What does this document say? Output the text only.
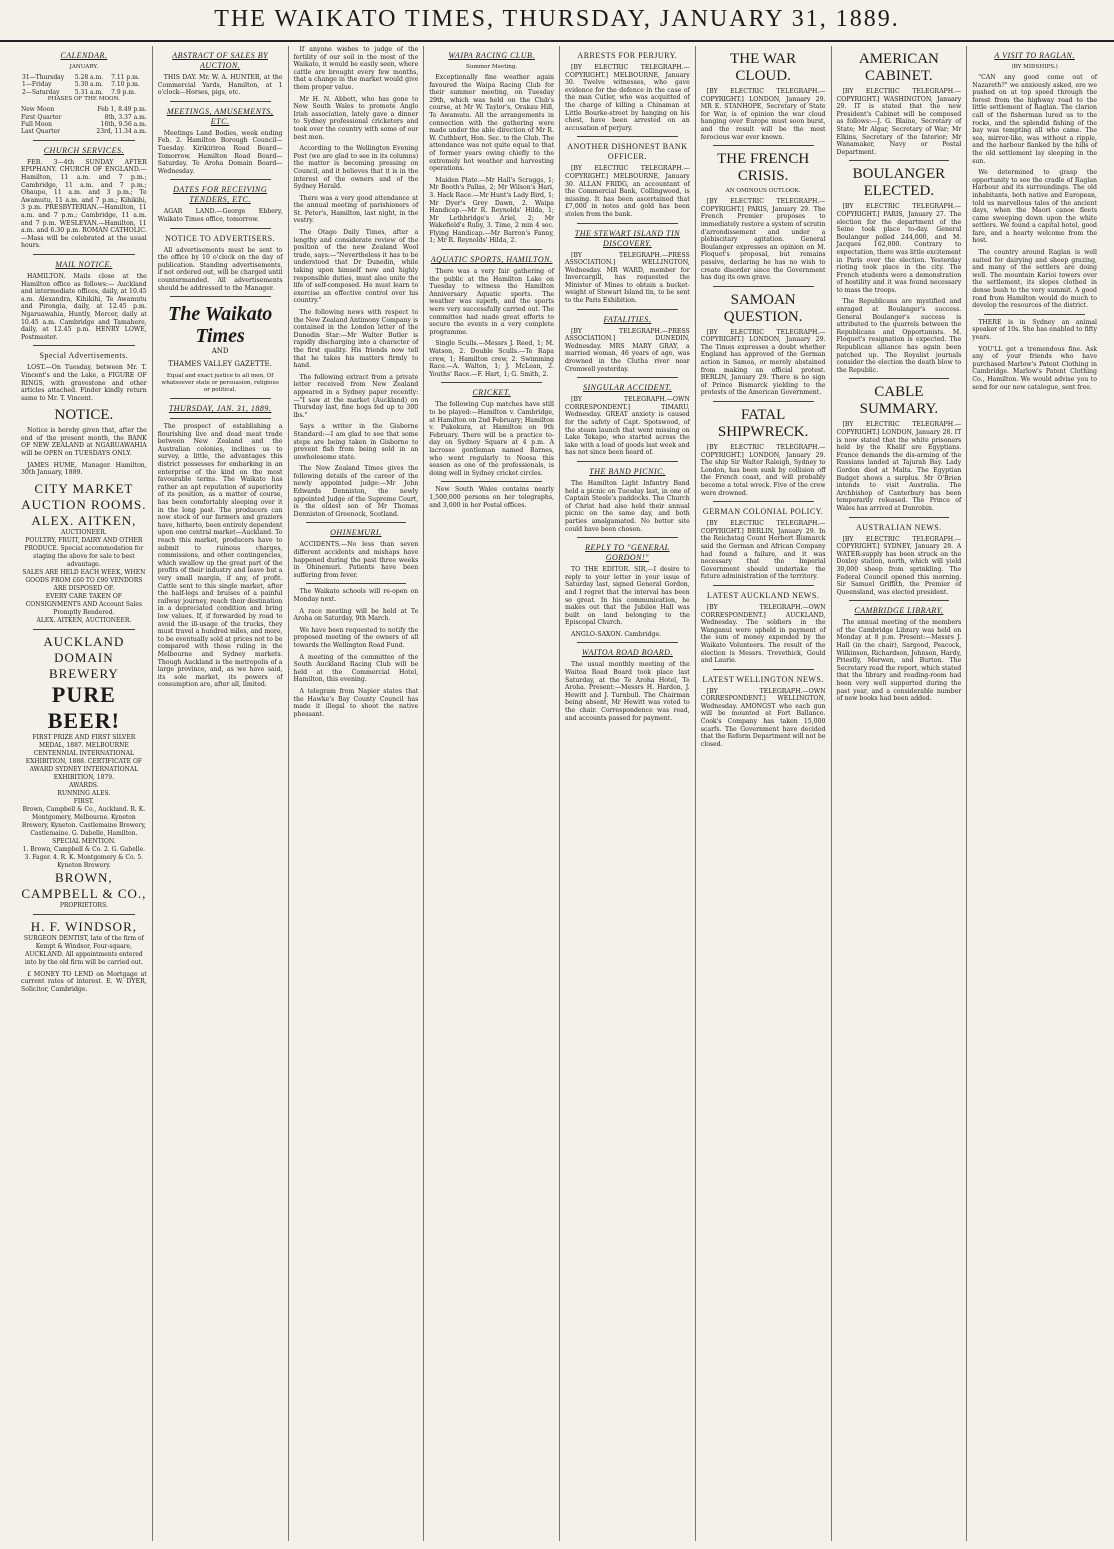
THE WAIKATO TIMES, THURSDAY, JANUARY 31, 1889.
CALENDAR.
JANUARY.
31—Thursday	5.28 a.m.	7.11 p.m.
1—Friday	5.30 a.m.	7.10 p.m.
2—Saturday	5.31 a.m.	7.9 p.m.
PHASES OF THE MOON.
New Moon	Feb 1, 8.49 p.m.
First Quarter	8th, 3.37 a.m.
Full Moon	16th, 9.56 a.m.
Last Quarter	23rd, 11.34 a.m.
CHURCH SERVICES.

FEB. 3—4th SUNDAY AFTER EPIPHANY. CHURCH OF ENGLAND.—Hamilton, 11 a.m. and 7 p.m.; Cambridge, 11 a.m. and 7 p.m.; Ohaupo, 11 a.m. and 3 p.m.; Te Awamutu, 11 a.m. and 7 p.m.; Kihikihi, 3 p.m. PRESBYTERIAN.—Hamilton, 11 a.m. and 7 p.m.; Cambridge, 11 a.m. and 7 p.m. WESLEYAN.—Hamilton, 11 a.m. and 6.30 p.m. ROMAN CATHOLIC.—Mass will be celebrated at the usual hours.

MAIL NOTICE.

HAMILTON. Mails close at the Hamilton office as follows:— Auckland and intermediate offices, daily, at 10.45 a.m. Alexandra, Kihikihi, Te Awamutu and Pirongia, daily, at 12.45 p.m. Ngaruawahia, Huntly, Mercer, daily at 10.45 a.m. Cambridge and Tamahere, daily, at 12.45 p.m. HENRY LOWE, Postmaster.

Special Advertisements.

LOST.—On Tuesday, between Mr. T. Vincent's and the Lake, a FIGURE OF RINGS, with gravestone and other articles attached. Finder kindly return same to Mr. T. Vincent.

NOTICE.

Notice is hereby given that, after the end of the present month, the BANK OF NEW ZEALAND at NGARUAWAHIA will be OPEN on TUESDAYS ONLY.

JAMES HUME, Manager. Hamilton, 30th January, 1889.

CITY MARKET AUCTION ROOMS.
ALEX. AITKEN,
AUCTIONEER.
POULTRY, FRUIT, DAIRY AND OTHER PRODUCE. Special accommodation for staging the above for sale to best advantage.
SALES ARE HELD EACH WEEK, WHEN GOODS FROM £60 TO £90 VENDORS ARE DISPOSED OF.
EVERY CARE TAKEN OF CONSIGNMENTS AND Account Sales Promptly Rendered.
ALEX. AITKEN, AUCTIONEER.
AUCKLAND DOMAIN BREWERY
PURE BEER!
FIRST PRIZE AND FIRST SILVER MEDAL, 1887. MELBOURNE CENTENNIAL INTERNATIONAL EXHIBITION, 1888. CERTIFICATE OF AWARD SYDNEY INTERNATIONAL EXHIBITION, 1879.
AWARDS.
RUNNING ALES.
FIRST.
Brown, Campbell & Co., Auckland. R. K. Montgomery, Melbourne. Kyneton Brewery, Kyneton. Castlemaine Brewery, Castlemaine. G. Dabelle, Hamilton.
SPECIAL MENTION.
1. Brown, Campbell & Co. 2. G. Gabelle. 3. Fager. 4. R. K. Montgomery & Co. 5. Kyneton Brewery.
BROWN, CAMPBELL & CO.,
PROPRIETORS.
H. F. WINDSOR,
SURGEON DENTIST, late of the firm of Kempt & Windsor, Four-square, AUCKLAND. All appointments entered into by the old firm will be carried out.

£ MONEY TO LEND on Mortgage at current rates of interest. E. W. DYER, Solicitor, Cambridge.

ABSTRACT OF SALES BY AUCTION.

THIS DAY. Mr. W. A. HUNTER, at the Commercial Yards, Hamilton, at 1 o'clock—Horses, pigs, etc.

MEETINGS, AMUSEMENTS, ETC.

Meetings Land Bodies, week ending Feb. 2. Hamilton Borough Council—Tuesday. Kirikiriroa Road Board—Tomorrow. Hamilton Road Board—Saturday. Te Aroha Domain Board—Wednesday.

DATES FOR RECEIVING TENDERS, ETC.

AGAR LAND.—George Ebbery, Waikato Times office, tomorrow.

NOTICE TO ADVERTISERS.

All advertisements must be sent to the office by 10 o'clock on the day of publication. Standing advertisements, if not ordered out, will be charged until countermanded. All advertisements should be addressed to the Manager.

The Waikato Times
AND
THAMES VALLEY GAZETTE.
Equal and exact justice to all men, Of whatsoever state or persuasion, religious or political.
THURSDAY, JAN. 31, 1889.

The prospect of establishing a flourishing live and dead meat trade between New Zealand and the Australian colonies, inclines us to survey, a little, the advantages this district possesses for embarking in an enterprise of the kind on the most favourable terms. The Waikato has rather an apt reputation of superiority of its position, as a matter of course, has been comfortably sleeping over it in the long past. The producers can now stock of our farmers and graziers have, hitherto, been entirely dependent upon one central market—Auckland. To reach this market, producers have to submit to ruinous charges, commissions, and other contingencies, which swallow up the great part of the profits of their industry and leave but a very small margin, if any, of profit. Cattle sent to this single market, after the half-legs and bruises of a painful railway journey, reach their destination in a depreciated condition and bring low values. If, if forwarded by road to avoid the ill-usage of the trucks, they must travel a hundred miles, and more, to be eventually sold at prices not to be compared with those ruling in the Melbourne and Sydney markets. Though Auckland is the metropolis of a large province, and, as we have said, its sole market, its powers of consumption are, after all, limited.

If anyone wishes to judge of the fertility of our soil in the most of the Waikato, it would be easily seen, where cattle are brought every few months, that a change in the market would give them proper value.

Mr H. N. Abbott, who has gone to New South Wales to promote Anglo Irish association, lately gave a dinner to Sydney professional cricketers and took over the country with some of our best men.

According to the Wellington Evening Post (we are glad to see in its columns) the matter is becoming pressing on Council, and it believes that it is in the interest of the owners and of the Sydney Herald.

There was a very good attendance at the annual meeting of parishioners of St. Peter's, Hamilton, last night, in the vestry.

The Otago Daily Times, after a lengthy and considerate review of the position of the new Zealand Wool trade, says:—"Nevertheless it has to be understood that Dr Dunedin, while taking upon himself new and highly responsible duties, must also unite the life of self-composed. He must learn to exercise an effective control over his country."

The following news with respect to the New Zealand Antimony Company is contained in the London letter of the Dunedin Star:—Mr Walter Butler is rapidly discharging into a character of the first quality. His friends now tell that he takes his matters firmly to hand.

The following extract from a private letter received from New Zealand appeared in a Sydney paper recently:—"I saw at the market (Auckland) on Thursday last, fine hogs fed up to 300 lbs."

Says a writer in the Gisborne Standard:—I am glad to see that some steps are being taken in Gisborne to prevent fish from being sold in an unwholesome state.

The New Zealand Times gives the following details of the career of the newly appointed judge:—Mr John Edwards Denniston, the newly appointed Judge of the Supreme Court, is the eldest son of Mr Thomas Denniston of Greenock, Scotland.

OHINEMURI.

ACCIDENTS.—No less than seven different accidents and mishaps have happened during the past three weeks in Ohinemuri. Patients have been suffering from fever.

The Waikato schools will re-open on Monday next.

A race meeting will be held at Te Aroha on Saturday, 9th March.

We have been requested to notify the proposed meeting of the owners of all towards the Wellington Road Fund.

A meeting of the committee of the South Auckland Racing Club will be held at the Commercial Hotel, Hamilton, this evening.

A telegram from Napier states that the Hawke's Bay County Council has made it illegal to shoot the native pheasant.

WAIPA RACING CLUB.
Summer Meeting.

Exceptionally fine weather again favoured the Waipa Racing Club for their summer meeting, on Tuesday 29th, which was held on the Club's course, at Mr W. Taylor's, Orakau Hill, Te Awamutu. All the arrangements in connection with the gathering were made under the able direction of Mr R. W. Cuthbert, Hon. Sec. to the Club. The attendance was not quite equal to that of former years owing chiefly to the extremely hot weather and harvesting operations.

Maiden Plate.—Mr Hall's Scraggs, 1; Mr Booth's Pallas, 2; Mr Wilson's Hari, 3. Hack Race.—Mr Hunt's Lady Bird, 1; Mr Dyer's Grey Dawn, 2. Waipa Handicap.—Mr R. Reynolds' Hilda, 1; Mr Lethbridge's Ariel, 2; Mr Wakefield's Ruby, 3. Time, 2 min 4 sec. Flying Handicap.—Mr Barron's Fanny, 1; Mr R. Reynolds' Hilda, 2.

AQUATIC SPORTS, HAMILTON.

There was a very fair gathering of the public at the Hamilton Lake on Tuesday to witness the Hamilton Anniversary Aquatic sports. The weather was superb, and the sports were very successfully carried out. The committee had made great efforts to secure the events in a very complete programme.

Single Sculls.—Messrs J. Reed, 1; M. Watson, 2. Double Sculls.—Te Rapa crew, 1; Hamilton crew, 2. Swimming Race.—A. Walton, 1; J. McLean, 2. Youths' Race.—F. Hart, 1; G. Smith, 2.

CRICKET.

The following Cup matches have still to be played:—Hamilton v. Cambridge, at Hamilton on 2nd February; Hamilton v. Pukekura, at Hamilton on 9th February. There will be a practice to-day on Sydney Square at 4 p.m. A lacrosse gentleman named Barnes, who went regularly to Noosa this season as one of the professionals, is doing well in Sydney cricket circles.

New South Wales contains nearly 1,500,000 persons on her telegraphs, and 3,000 in her Postal offices.

ARRESTS FOR PERJURY.

[BY ELECTRIC TELEGRAPH.—COPYRIGHT.] MELBOURNE, January 30. Twelve witnesses, who gave evidence for the defence in the case of the man Cutler, who was acquitted of the charge of killing a Chinaman at Little Bourke-street by hanging on his chest, have been arrested on an accusation of perjury.

ANOTHER DISHONEST BANK OFFICER.

[BY ELECTRIC TELEGRAPH.—COPYRIGHT.] MELBOURNE, January 30. ALLAN FRIDG, an accountant of the Commercial Bank, Collingwood, is missing. It has been ascertained that £7,000 in notes and gold has been stolen from the bank.

THE STEWART ISLAND TIN DISCOVERY.

[BY TELEGRAPH.—PRESS ASSOCIATION.] WELLINGTON, Wednesday. MR WARD, member for Invercargill, has requested the Minister of Mines to obtain a bucket-weight of Stewart Island tin, to be sent to the Paris Exhibition.

FATALITIES.

[BY TELEGRAPH.—PRESS ASSOCIATION.] DUNEDIN, Wednesday. MRS MARY GRAY, a married woman, 46 years of age, was drowned in the Clutha river near Cromwell yesterday.

SINGULAR ACCIDENT.

[BY TELEGRAPH.—OWN CORRESPONDENT.] TIMARU, Wednesday. GREAT anxiety is caused for the safety of Capt. Spotswood, of the steam launch that went missing on Lake Tekapo, who started across the lake with a load of goods last week and has not since been heard of.

THE BAND PICNIC.

The Hamilton Light Infantry Band held a picnic on Tuesday last, in one of Captain Steele's paddocks. The Church of Christ had also held their annual picnic on the same day, and both parties amalgamated. No better site could have been chosen.

REPLY TO "GENERAL GORDON!"

TO THE EDITOR. SIR,—I desire to reply to your letter in your issue of Saturday last, signed General Gordon, and I regret that the interval has been so great. In his communication, he makes out that the Jubilee Hall was built on land belonging to the Episcopal Church.

ANGLO-SAXON. Cambridge.

WAITOA ROAD BOARD.

The usual monthly meeting of the Waitoa Road Board took place last Saturday, at the Te Aroha Hotel, Te Aroha. Present:—Messrs H. Hardon, J. Hewitt and J. Turnbull. The Chairman being absent, Mr Hewitt was voted to the chair. Correspondence was read, and accounts passed for payment.

THE WAR CLOUD.

[BY ELECTRIC TELEGRAPH.—COPYRIGHT.] LONDON, January 29. MR E. STANHOPE, Secretary of State for War, is of opinion the war cloud hanging over Europe must soon burst, and the result will be the most ferocious war ever known.

THE FRENCH CRISIS.
AN OMINOUS OUTLOOK.

[BY ELECTRIC TELEGRAPH.—COPYRIGHT.] PARIS, January 29. The French Premier proposes to immediately restore a system of scrutin d'arrondissement and under a plebiscitary agitation. General Boulanger expresses an opinion on M. Floquet's proposal, but remains passive, declaring he has no wish to create disorder since the Government has dug its own grave.

SAMOAN QUESTION.

[BY ELECTRIC TELEGRAPH.—COPYRIGHT.] LONDON, January 29. The Times expresses a doubt whether England has approved of the German action in Samoa, or merely abstained from making an official protest. BERLIN, January 29. There is no sign of Prince Bismarck yielding to the protests of the American Government.

FATAL SHIPWRECK.

[BY ELECTRIC TELEGRAPH.—COPYRIGHT.] LONDON, January 29. The ship Sir Walter Raleigh, Sydney to London, has been sunk by collision off the French coast, and will probably become a total wreck. Five of the crew were drowned.

GERMAN COLONIAL POLICY.

[BY ELECTRIC TELEGRAPH.—COPYRIGHT.] BERLIN, January 29. In the Reichstag Count Herbert Bismarck said the German and African Company had found a failure, and it was necessary that the Imperial Government should undertake the future administration of the territory.

LATEST AUCKLAND NEWS.

[BY TELEGRAPH.—OWN CORRESPONDENT.] AUCKLAND, Wednesday. The soldiers in the Wanganui were upheld in payment of the sum of money expended by the Waikato Volunteers. The result of the election is Messrs. Trevethick, Gould and Laurie.

LATEST WELLINGTON NEWS.

[BY TELEGRAPH.—OWN CORRESPONDENT.] WELLINGTON, Wednesday. AMONGST who each gun will be mounted at Fort Ballance. Cook's Company has taken 15,000 scarfs. The Government have decided that the Reform Department will not be closed.

AMERICAN CABINET.

[BY ELECTRIC TELEGRAPH.—COPYRIGHT.] WASHINGTON, January 29. IT is stated that the new President's Cabinet will be composed as follows:—J. G. Blaine, Secretary of State; Mr Algar, Secretary of War; Mr Elkins, Secretary of the Interior; Mr Wanamaker, Navy or Postal Department.

BOULANGER ELECTED.

[BY ELECTRIC TELEGRAPH.—COPYRIGHT.] PARIS, January 27. The election for the department of the Seine took place to-day. General Boulanger polled 244,000, and M. Jacques 162,000. Contrary to expectation, there was little excitement in Paris over the election. Yesterday rioting took place in the city. The French students were a demonstration of hostility and it was found necessary to mass the troops.

The Republicans are mystified and enraged at Boulanger's success. General Boulanger's success is attributed to the quarrels between the Republicans and Opportunists. M. Floquet's resignation is expected. The Republican alliance has again been patched up. The Royalist journals consider the election the death blow to the Republic.

CABLE SUMMARY.

[BY ELECTRIC TELEGRAPH.—COPYRIGHT.] LONDON, January 28. IT is now stated that the white prisoners held by the Khalif are Egyptians. France demands the dis-arming of the Russians landed at Tajurah Bay. Lady Gordon died at Malta. The Egyptian Budget shows a surplus. Mr O'Brien intends to visit Australia. The Archbishop of Canterbury has been temporarily released. The Prince of Wales has arrived at Dunrobin.

AUSTRALIAN NEWS.

[BY ELECTRIC TELEGRAPH.—COPYRIGHT.] SYDNEY, January 28. A WATER-supply has been struck on the Doxley station, north, which will yield 30,000 sheep from sprinkling. The Federal Council opened this morning. Sir Samuel Griffith, the Premier of Queensland, was elected president.

CAMBRIDGE LIBRARY.

The annual meeting of the members of the Cambridge Library was held on Monday at 8 p.m. Present:—Messrs J. Hall (in the chair), Sargood, Peacock, Wilkinson, Richardson, Johnson, Hardy, Priestly, Merwen, and Burton. The Secretary read the report, which stated that the library and reading-room had been very well supported during the past year, and a considerable number of new books had been added.

A VISIT TO RAGLAN.
(BY MIDSHIPS.)

"CAN any good come out of Nazareth?" we anxiously asked, ere we pushed on at top speed through the forest from the highway road to the little settlement of Raglan. The clarion call of the fisherman lured us to the rocks, and the splendid fishing of the bay was tempting all who came. The sea, mirror-like, was without a ripple, and the harbour flanked by the hills of the old settlement lay sleeping in the sun.

We determined to grasp the opportunity to see the cradle of Raglan Harbour and its surroundings. The old inhabitants, both native and European, told us marvellous tales of the ancient days, when the Maori canoe fleets came sweeping down upon the white settlers. We found a capital hotel, good fare, and a hearty welcome from the host.

The country around Raglan is well suited for dairying and sheep grazing, and many of the settlers are doing well. The mountain Karioi towers over the settlement, its slopes clothed in dense bush to the very summit. A good road from Hamilton would do much to develop the resources of the district.

THERE is in Sydney an animal speaker of 10s. She has enabled to fifty years.

YOU'LL get a tremendous fine. Ask any of your friends who have purchased Marlow's Patent Clothing in Cambridge. Marlow's Patent Clothing Co., Hamilton. We would advise you to send for our new catalogue, sent free.
